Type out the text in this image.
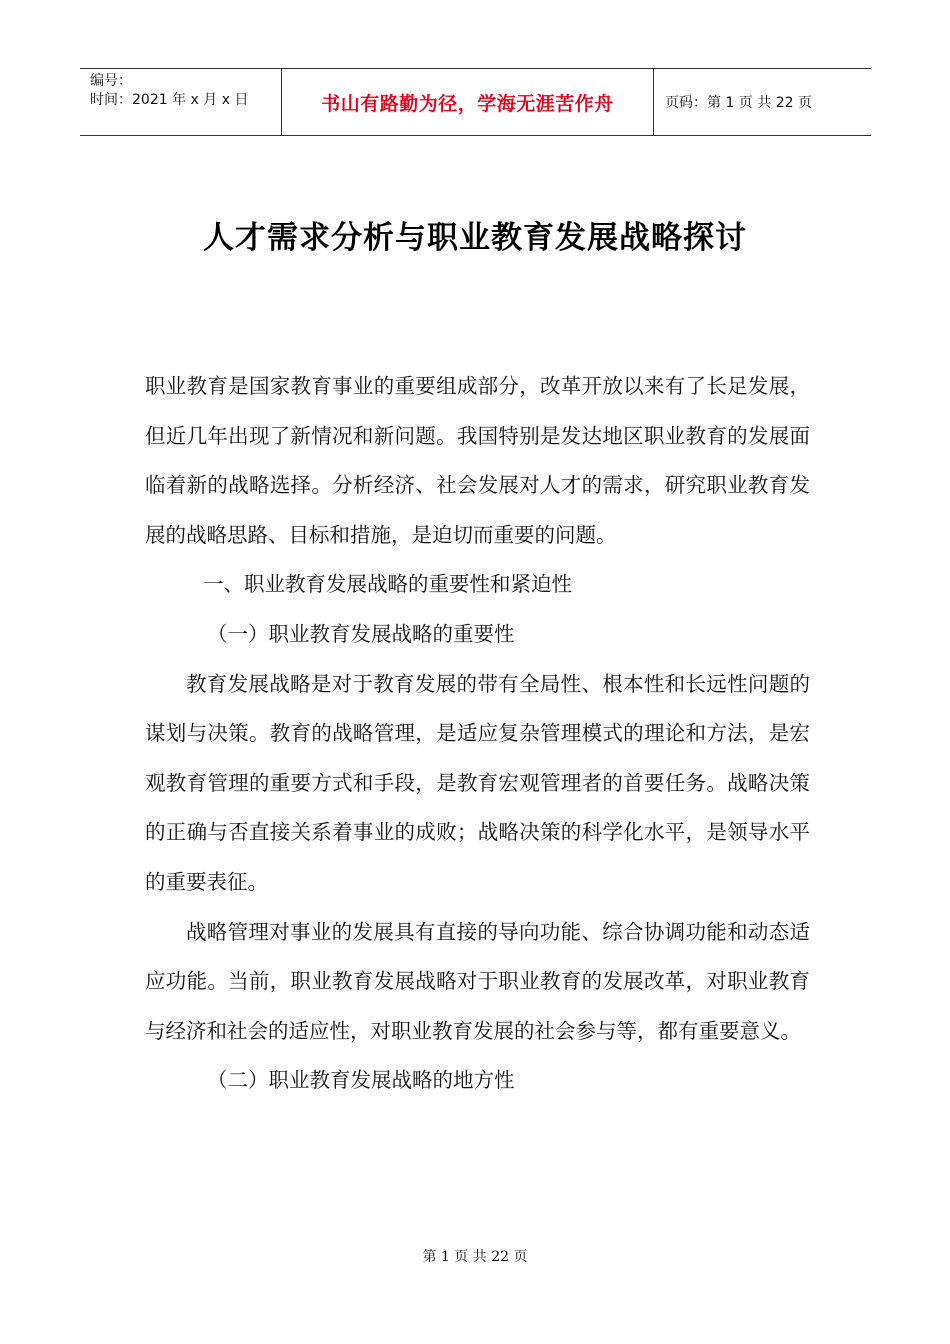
编号：
时间：2021 年 x 月 x 日	书山有路勤为径，学海无涯苦作舟	页码：第 1 页 共 22 页
人才需求分析与职业教育发展战略探讨

职业教育是国家教育事业的重要组成部分，改革开放以来有了长足发展，但近几年出现了新情况和新问题。我国特别是发达地区职业教育的发展面临着新的战略选择。分析经济、社会发展对人才的需求，研究职业教育发展的战略思路、目标和措施，是迫切而重要的问题。

一、职业教育发展战略的重要性和紧迫性

（一）职业教育发展战略的重要性

教育发展战略是对于教育发展的带有全局性、根本性和长远性问题的谋划与决策。教育的战略管理，是适应复杂管理模式的理论和方法，是宏观教育管理的重要方式和手段，是教育宏观管理者的首要任务。战略决策的正确与否直接关系着事业的成败；战略决策的科学化水平，是领导水平的重要表征。

战略管理对事业的发展具有直接的导向功能、综合协调功能和动态适应功能。当前，职业教育发展战略对于职业教育的发展改革，对职业教育与经济和社会的适应性，对职业教育发展的社会参与等，都有重要意义。

（二）职业教育发展战略的地方性

第 1 页 共 22 页
